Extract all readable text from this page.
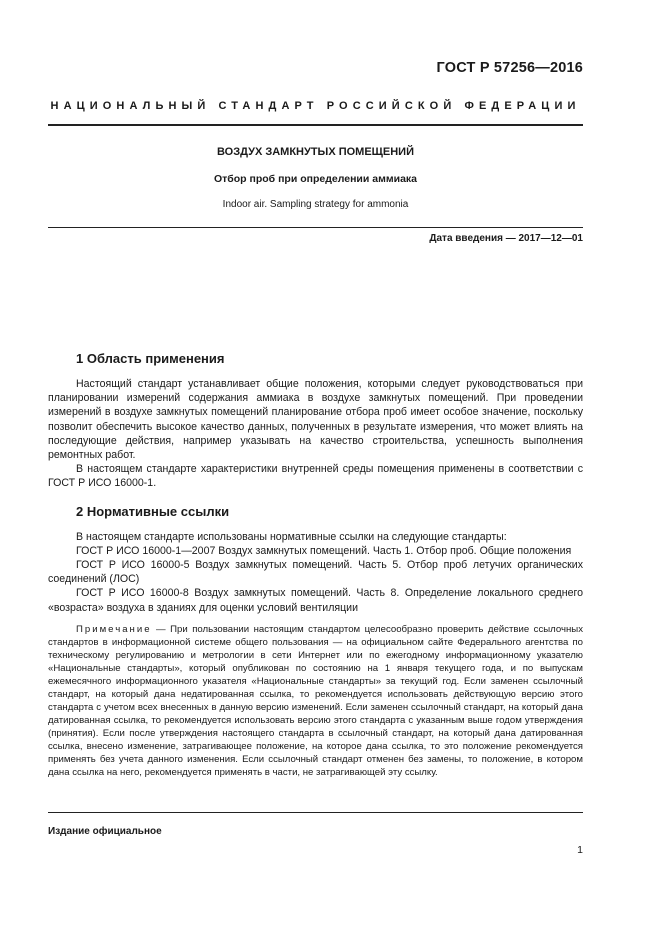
ГОСТ Р 57256—2016
НАЦИОНАЛЬНЫЙ СТАНДАРТ РОССИЙСКОЙ ФЕДЕРАЦИИ
ВОЗДУХ ЗАМКНУТЫХ ПОМЕЩЕНИЙ
Отбор проб при определении аммиака
Indoor air. Sampling strategy for ammonia
Дата введения — 2017—12—01
1 Область применения

Настоящий стандарт устанавливает общие положения, которыми следует руководствоваться при планировании измерений содержания аммиака в воздухе замкнутых помещений. При проведении измерений в воздухе замкнутых помещений планирование отбора проб имеет особое значение, поскольку позволит обеспечить высокое качество данных, полученных в результате измерения, что может влиять на последующие действия, например указывать на качество строительства, успешность выполнения ремонтных работ.

В настоящем стандарте характеристики внутренней среды помещения применены в соответствии с ГОСТ Р ИСО 16000-1.

2 Нормативные ссылки

В настоящем стандарте использованы нормативные ссылки на следующие стандарты:

ГОСТ Р ИСО 16000-1—2007 Воздух замкнутых помещений. Часть 1. Отбор проб. Общие положения

ГОСТ Р ИСО 16000-5 Воздух замкнутых помещений. Часть 5. Отбор проб летучих органических соединений (ЛОС)

ГОСТ Р ИСО 16000-8 Воздух замкнутых помещений. Часть 8. Определение локального среднего «возраста» воздуха в зданиях для оценки условий вентиляции

Примечание — При пользовании настоящим стандартом целесообразно проверить действие ссылочных стандартов в информационной системе общего пользования — на официальном сайте Федерального агентства по техническому регулированию и метрологии в сети Интернет или по ежегодному информационному указателю «Национальные стандарты», который опубликован по состоянию на 1 января текущего года, и по выпускам ежемесячного информационного указателя «Национальные стандарты» за текущий год. Если заменен ссылочный стандарт, на который дана недатированная ссылка, то рекомендуется использовать действующую версию этого стандарта с учетом всех внесенных в данную версию изменений. Если заменен ссылочный стандарт, на который дана датированная ссылка, то рекомендуется использовать версию этого стандарта с указанным выше годом утверждения (принятия). Если после утверждения настоящего стандарта в ссылочный стандарт, на который дана датированная ссылка, внесено изменение, затрагивающее положение, на которое дана ссылка, то это положение рекомендуется применять без учета данного изменения. Если ссылочный стандарт отменен без замены, то положение, в котором дана ссылка на него, рекомендуется применять в части, не затрагивающей эту ссылку.

Издание официальное
1
